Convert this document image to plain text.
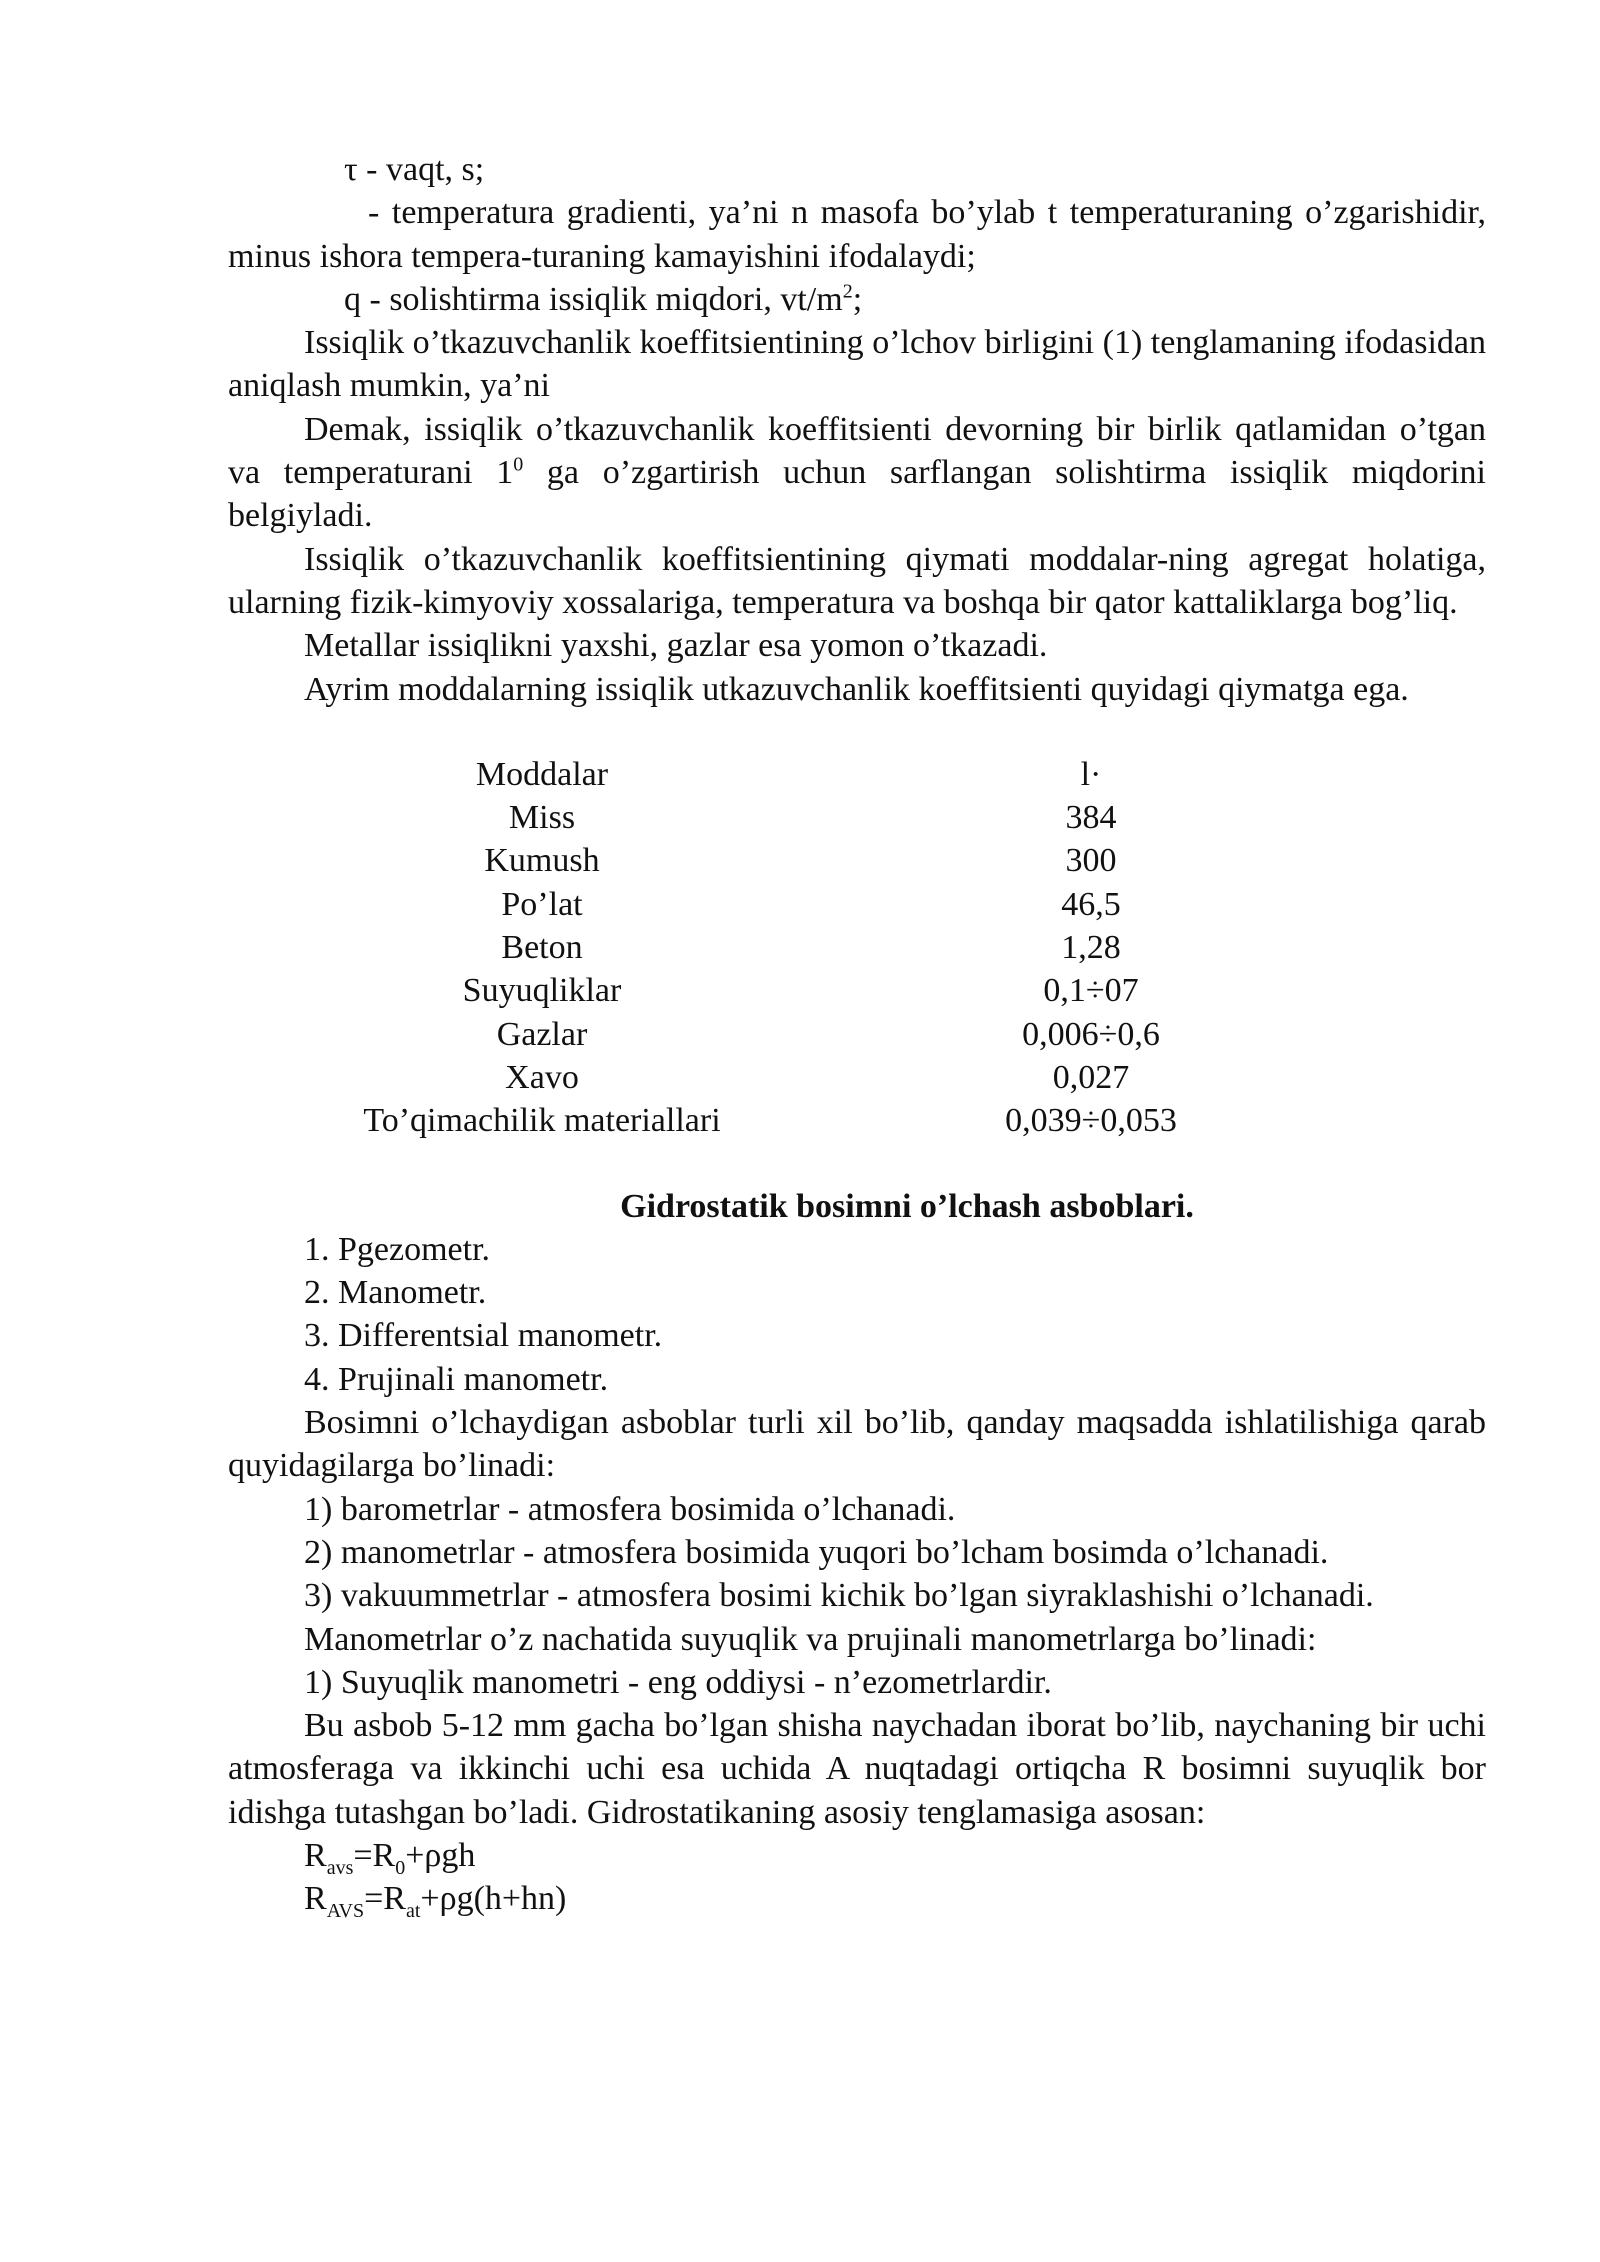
τ - vaqt, s;

- temperatura gradienti, ya’ni n masofa bo’ylab t temperaturaning o’zgarishidir, minus ishora tempera-turaning kamayishini ifodalaydi;

q - solishtirma issiqlik miqdori, $vt/m^2$;

Issiqlik o’tkazuvchanlik koeffitsientining o’lchov birligini (1) tenglamaning ifodasidan aniqlash mumkin, ya’ni

Demak, issiqlik o’tkazuvchanlik koeffitsienti devorning bir birlik qatlamidan o’tgan va temperaturani $1^0$ ga o’zgartirish uchun sarflangan solishtirma issiqlik miqdorini belgiyladi.

Issiqlik o’tkazuvchanlik koeffitsientining qiymati moddalar-ning agregat holatiga, ularning fizik-kimyoviy xossalariga, temperatura va boshqa bir qator kattaliklarga bog’liq.

Metallar issiqlikni yaxshi, gazlar esa yomon o’tkazadi.

Ayrim moddalarning issiqlik utkazuvchanlik koeffitsienti quyidagi qiymatga ega.

Moddalar	l·
Miss	384
Kumush	300
Po’lat	46,5
Beton	1,28
Suyuqliklar	0,1÷07
Gazlar	0,006÷0,6
Xavo	0,027
To’qimachilik materiallari	0,039÷0,053

Gidrostatik bosimni o’lchash asboblari.

1. Pgezometr.

2. Manometr.

3. Differentsial manometr.

4. Prujinali manometr.

Bosimni o’lchaydigan asboblar turli xil bo’lib, qanday maqsadda ishlatilishiga qarab quyidagilarga bo’linadi:

1) barometrlar - atmosfera bosimida o’lchanadi.

2) manometrlar - atmosfera bosimida yuqori bo’lcham bosimda o’lchanadi.

3) vakuummetrlar - atmosfera bosimi kichik bo’lgan siyraklashishi o’lchanadi.

Manometrlar o’z nachatida suyuqlik va prujinali manometrlarga bo’linadi:

1) Suyuqlik manometri - eng oddiysi - n’ezometrlardir.

Bu asbob 5-12 mm gacha bo’lgan shisha naychadan iborat bo’lib, naychaning bir uchi atmosferaga va ikkinchi uchi esa uchida A nuqtadagi ortiqcha R bosimni suyuqlik bor idishga tutashgan bo’ladi. Gidrostatikaning asosiy tenglamasiga asosan:

$R_{avs}=R_0+\rho gh$

$R_{AVS}=R_{at}+\rho g(h+hn)$
